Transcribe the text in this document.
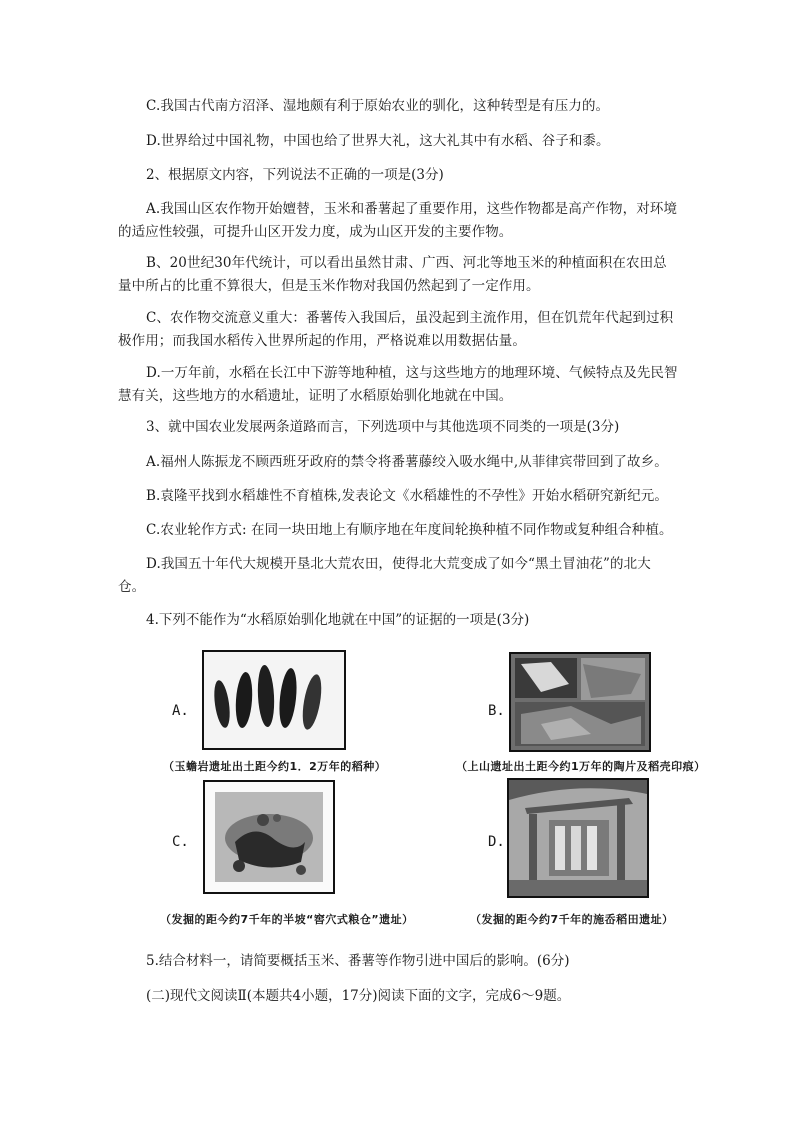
C.我国古代南方沼泽、湿地颇有利于原始农业的驯化，这种转型是有压力的。

D.世界给过中国礼物，中国也给了世界大礼，这大礼其中有水稻、谷子和黍。

2、根据原文内容，下列说法不正确的一项是(3分)

A.我国山区农作物开始嬗替，玉米和番薯起了重要作用，这些作物都是高产作物，对环境的适应性较强，可提升山区开发力度，成为山区开发的主要作物。

B、20世纪30年代统计，可以看出虽然甘肃、广西、河北等地玉米的种植面积在农田总量中所占的比重不算很大，但是玉米作物对我国仍然起到了一定作用。

C、农作物交流意义重大：番薯传入我国后，虽没起到主流作用，但在饥荒年代起到过积极作用；而我国水稻传入世界所起的作用，严格说难以用数据估量。

D.一万年前，水稻在长江中下游等地种植，这与这些地方的地理环境、气候特点及先民智慧有关，这些地方的水稻遗址，证明了水稻原始驯化地就在中国。

3、就中国农业发展两条道路而言，下列选项中与其他选项不同类的一项是(3分)

A.福州人陈振龙不顾西班牙政府的禁令将番薯藤绞入吸水绳中,从菲律宾带回到了故乡。

B.袁隆平找到水稻雄性不育植株,发表论文《水稻雄性的不孕性》开始水稻研究新纪元。

C.农业轮作方式: 在同一块田地上有顺序地在年度间轮换种植不同作物或复种组合种植。

D.我国五十年代大规模开垦北大荒农田，使得北大荒变成了如今“黑土冒油花”的北大仓。

4.下列不能作为“水稻原始驯化地就在中国”的证据的一项是(3分)

A.
（玉蟾岩遗址出土距今约1．2万年的稻种）
B.
（上山遗址出土距今约1万年的陶片及稻壳印痕）
C.
（发掘的距今约7千年的半坡“窖穴式粮仓”遗址）
D.
（发掘的距今约7千年的施岙稻田遗址）

5.结合材料一，请简要概括玉米、番薯等作物引进中国后的影响。(6分)

(二)现代文阅读Ⅱ(本题共4小题，17分)阅读下面的文字，完成6～9题。
